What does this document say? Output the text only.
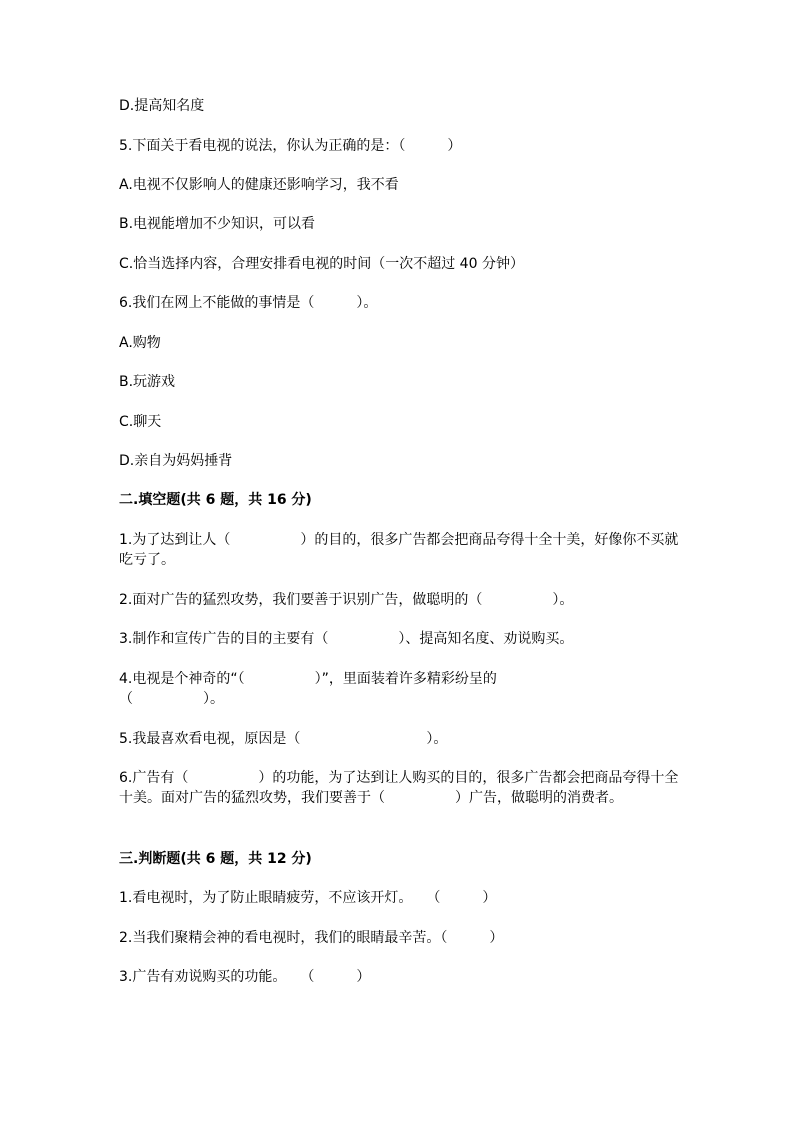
D.提高知名度
5.下面关于看电视的说法，你认为正确的是：（　　　）
A.电视不仅影响人的健康还影响学习，我不看
B.电视能增加不少知识，可以看
C.恰当选择内容，合理安排看电视的时间（一次不超过 40 分钟）
6.我们在网上不能做的事情是（　　　）。
A.购物
B.玩游戏
C.聊天
D.亲自为妈妈捶背
二.填空题(共 6 题，共 16 分)
1.为了达到让人（　　　　　）的目的，很多广告都会把商品夸得十全十美，好像你不买就吃亏了。
2.面对广告的猛烈攻势，我们要善于识别广告，做聪明的（　　　　　）。
3.制作和宣传广告的目的主要有（　　　　　）、提高知名度、劝说购买。
4.电视是个神奇的“（　　　　　）”，里面装着许多精彩纷呈的
（　　　　　）。
5.我最喜欢看电视，原因是（　　　　　　　　　）。
6.广告有（　　　　　）的功能，为了达到让人购买的目的，很多广告都会把商品夸得十全十美。面对广告的猛烈攻势，我们要善于（　　　　　）广告，做聪明的消费者。
三.判断题(共 6 题，共 12 分)
1.看电视时，为了防止眼睛疲劳，不应该开灯。　　（　　　）
2.当我们聚精会神的看电视时，我们的眼睛最辛苦。（　　　）
3.广告有劝说购买的功能。　　（　　　）
